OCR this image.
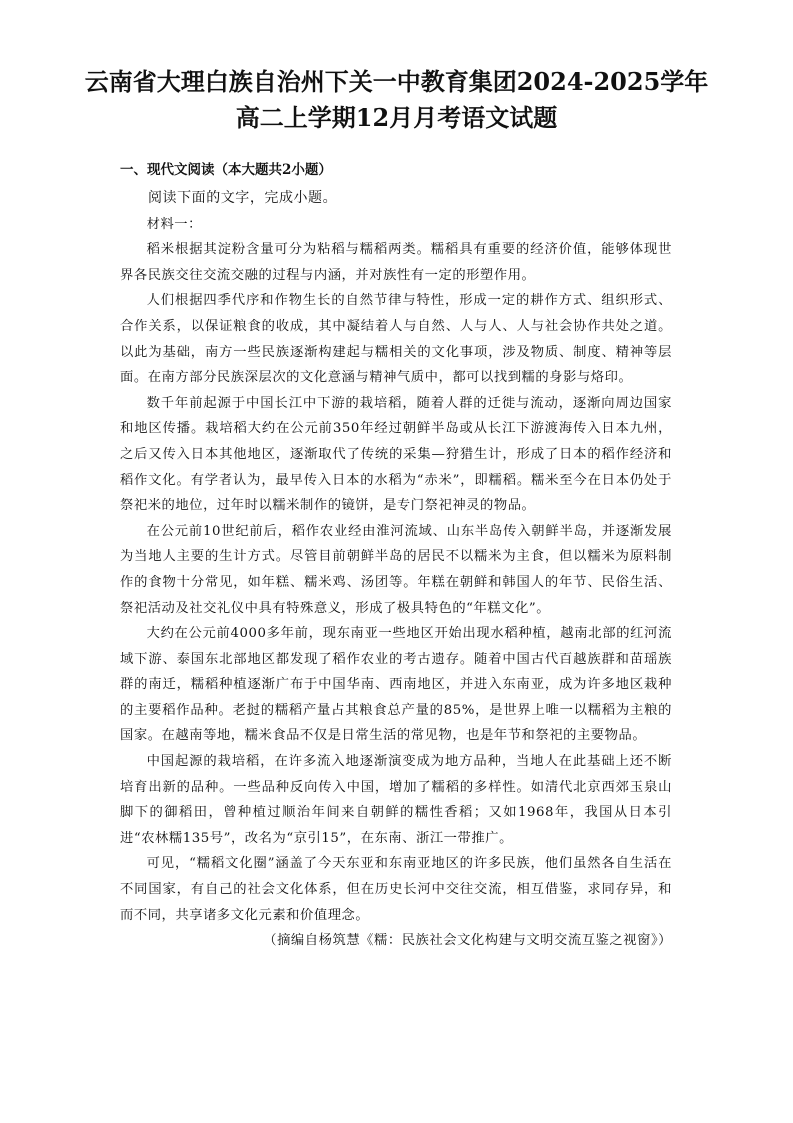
云南省大理白族自治州下关一中教育集团2024-2025学年
高二上学期12月月考语文试题
一、现代文阅读（本大题共2小题）

阅读下面的文字，完成小题。

材料一：

稻米根据其淀粉含量可分为粘稻与糯稻两类。糯稻具有重要的经济价值，能够体现世界各民族交往交流交融的过程与内涵，并对族性有一定的形塑作用。

人们根据四季代序和作物生长的自然节律与特性，形成一定的耕作方式、组织形式、合作关系，以保证粮食的收成，其中凝结着人与自然、人与人、人与社会协作共处之道。以此为基础，南方一些民族逐渐构建起与糯相关的文化事项，涉及物质、制度、精神等层面。在南方部分民族深层次的文化意涵与精神气质中，都可以找到糯的身影与烙印。

数千年前起源于中国长江中下游的栽培稻，随着人群的迁徙与流动，逐渐向周边国家和地区传播。栽培稻大约在公元前350年经过朝鲜半岛或从长江下游渡海传入日本九州，之后又传入日本其他地区，逐渐取代了传统的采集—狩猎生计，形成了日本的稻作经济和稻作文化。有学者认为，最早传入日本的水稻为“赤米”，即糯稻。糯米至今在日本仍处于祭祀米的地位，过年时以糯米制作的镜饼，是专门祭祀神灵的物品。

在公元前10世纪前后，稻作农业经由淮河流域、山东半岛传入朝鲜半岛，并逐渐发展为当地人主要的生计方式。尽管目前朝鲜半岛的居民不以糯米为主食，但以糯米为原料制作的食物十分常见，如年糕、糯米鸡、汤团等。年糕在朝鲜和韩国人的年节、民俗生活、祭祀活动及社交礼仪中具有特殊意义，形成了极具特色的“年糕文化”。

大约在公元前4000多年前，现东南亚一些地区开始出现水稻种植，越南北部的红河流域下游、泰国东北部地区都发现了稻作农业的考古遗存。随着中国古代百越族群和苗瑶族群的南迁，糯稻种植逐渐广布于中国华南、西南地区，并进入东南亚，成为许多地区栽种的主要稻作品种。老挝的糯稻产量占其粮食总产量的85%，是世界上唯一以糯稻为主粮的国家。在越南等地，糯米食品不仅是日常生活的常见物，也是年节和祭祀的主要物品。

中国起源的栽培稻，在许多流入地逐渐演变成为地方品种，当地人在此基础上还不断培育出新的品种。一些品种反向传入中国，增加了糯稻的多样性。如清代北京西郊玉泉山脚下的御稻田，曾种植过顺治年间来自朝鲜的糯性香稻；又如1968年，我国从日本引进“农林糯135号”，改名为“京引15”，在东南、浙江一带推广。

可见，“糯稻文化圈”涵盖了今天东亚和东南亚地区的许多民族，他们虽然各自生活在不同国家，有自己的社会文化体系，但在历史长河中交往交流，相互借鉴，求同存异，和而不同，共享诸多文化元素和价值理念。

（摘编自杨筑慧《糯：民族社会文化构建与文明交流互鉴之视窗》）
